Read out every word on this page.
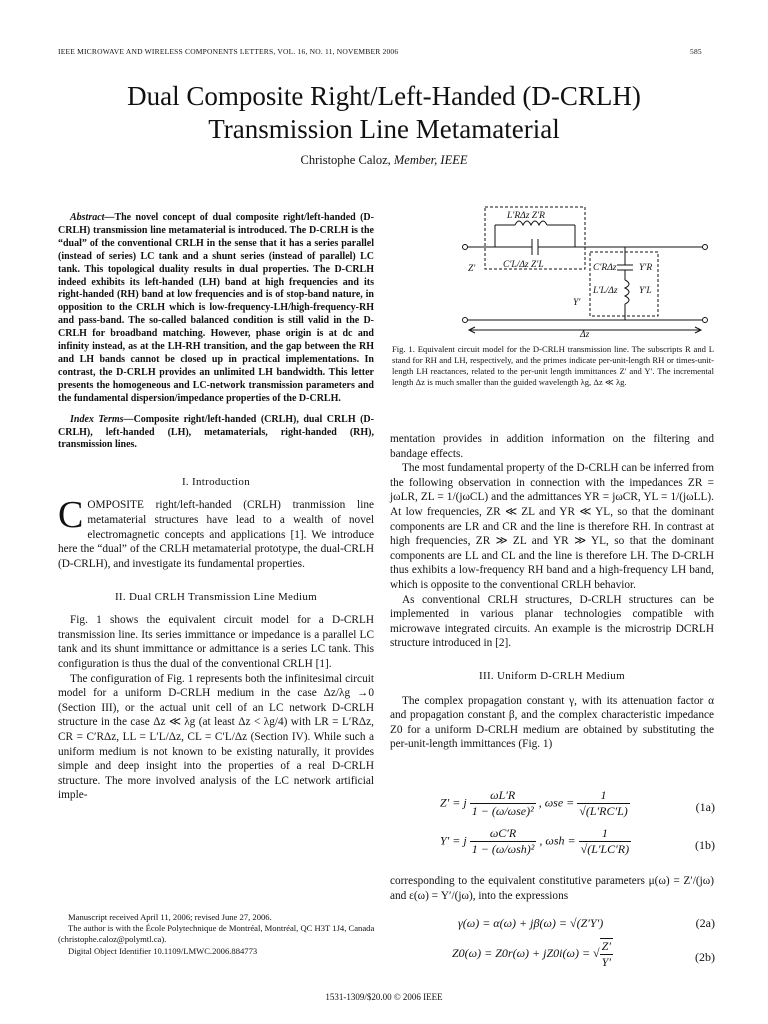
IEEE MICROWAVE AND WIRELESS COMPONENTS LETTERS, VOL. 16, NO. 11, NOVEMBER 2006	585
Dual Composite Right/Left-Handed (D-CRLH)
Transmission Line Metamaterial
Christophe Caloz, Member, IEEE
Abstract—The novel concept of dual composite right/left-handed (D-CRLH) transmission line metamaterial is introduced. The D-CRLH is the “dual” of the conventional CRLH in the sense that it has a series parallel (instead of series) LC tank and a shunt series (instead of parallel) LC tank. This topological duality results in dual properties. The D-CRLH indeed exhibits its left-handed (LH) band at high frequencies and its right-handed (RH) band at low frequencies and is of stop-band nature, in opposition to the CRLH which is low-frequency-LH/high-frequency-RH and pass-band. The so-called balanced condition is still valid in the D-CRLH for broadband matching. However, phase origin is at dc and infinity instead, as at the LH-RH transition, and the gap between the RH and LH bands cannot be closed up in practical implementations. In contrast, the D-CRLH provides an unlimited LH bandwidth. This letter presents the homogeneous and LC-network transmission parameters and the fundamental dispersion/impedance properties of the D-CRLH.
Index Terms—Composite right/left-handed (CRLH), dual CRLH (D-CRLH), left-handed (LH), metamaterials, right-handed (RH), transmission lines.
I. Introduction
COMPOSITE right/left-handed (CRLH) tranmission line metamaterial structures have lead to a wealth of novel electromagnetic concepts and applications [1]. We introduce here the “dual” of the CRLH metamaterial prototype, the dual-CRLH (D-CRLH), and investigate its fundamental properties.
II. Dual CRLH Transmission Line Medium

Fig. 1 shows the equivalent circuit model for a D-CRLH transmission line. Its series immittance or impedance is a parallel LC tank and its shunt immittance or admittance is a series LC tank. This configuration is thus the dual of the conventional CRLH [1].

The configuration of Fig. 1 represents both the infinitesimal circuit model for a uniform D-CRLH medium in the case Δz/λg →0 (Section III), or the actual unit cell of an LC network D-CRLH structure in the case Δz ≪ λg (at least Δz < λg/4) with LR = L′RΔz, CR = C′RΔz, LL = L′L/Δz, CL = C′L/Δz (Section IV). While such a uniform medium is not known to be existing naturally, it provides simple and deep insight into the properties of a real D-CRLH structure. The more involved analysis of the LC network artificial imple-

Manuscript received April 11, 2006; revised June 27, 2006.
The author is with the École Polytechnique de Montréal, Montréal, QC H3T 1J4, Canada (christophe.caloz@polymtl.ca).
Digital Object Identifier 10.1109/LMWC.2006.884773
L′RΔz Z′R
C′L/Δz Z′L
Z′	C′RΔz Y′R
L′L/Δz Y′L
Y′
Δz
Fig. 1. Equivalent circuit model for the D-CRLH transmission line. The subscripts R and L stand for RH and LH, respectively, and the primes indicate per-unit-length RH or times-unit-length LH reactances, related to the per-unit length immittances Z′ and Y′. The incremental length Δz is much smaller than the guided wavelength λg, Δz ≪ λg.

mentation provides in addition information on the filtering and bandage effects.

The most fundamental property of the D-CRLH can be inferred from the following observation in connection with the impedances ZR = jωLR, ZL = 1/(jωCL) and the admittances YR = jωCR, YL = 1/(jωLL). At low frequencies, ZR ≪ ZL and YR ≪ YL, so that the dominant components are LR and CR and the line is therefore RH. In contrast at high frequencies, ZR ≫ ZL and YR ≫ YL, so that the dominant components are LL and CL and the line is therefore LH. The D-CRLH thus exhibits a low-frequency RH band and a high-frequency LH band, which is opposite to the conventional CRLH behavior.

As conventional CRLH structures, D-CRLH structures can be implemented in various planar technologies compatible with microwave integrated circuits. An example is the microstrip DCRLH structure introduced in [2].

III. Uniform D-CRLH Medium

The complex propagation constant γ, with its attenuation factor α and propagation constant β, and the complex characteristic impedance Z0 for a uniform D-CRLH medium are obtained by substituting the per-unit-length immittances (Fig. 1)

Z′ = j $\frac{\omega L'R}{\text{1 − (ω/ωse)²}}$ , $\omega se = \frac{1}{√(L'RC'L)}$	(1a)
Y′ = j $\frac{\omega C'R}{\text{1 − (ω/ωsh)²}}$ , $\omega sh = \frac{1}{√(L'LC'R)}$	(1b)

corresponding to the equivalent constitutive parameters μ(ω) = Z′/(jω) and ε(ω) = Y′/(jω), into the expressions

γ(ω) = α(ω) + jβ(ω) = √(Z′Y′)	(2a)
Z0(ω) = Z0r(ω) + jZ0i(ω) = √ $\frac{Z'}{Y'}$	(2b)
1531-1309/$20.00 © 2006 IEEE
